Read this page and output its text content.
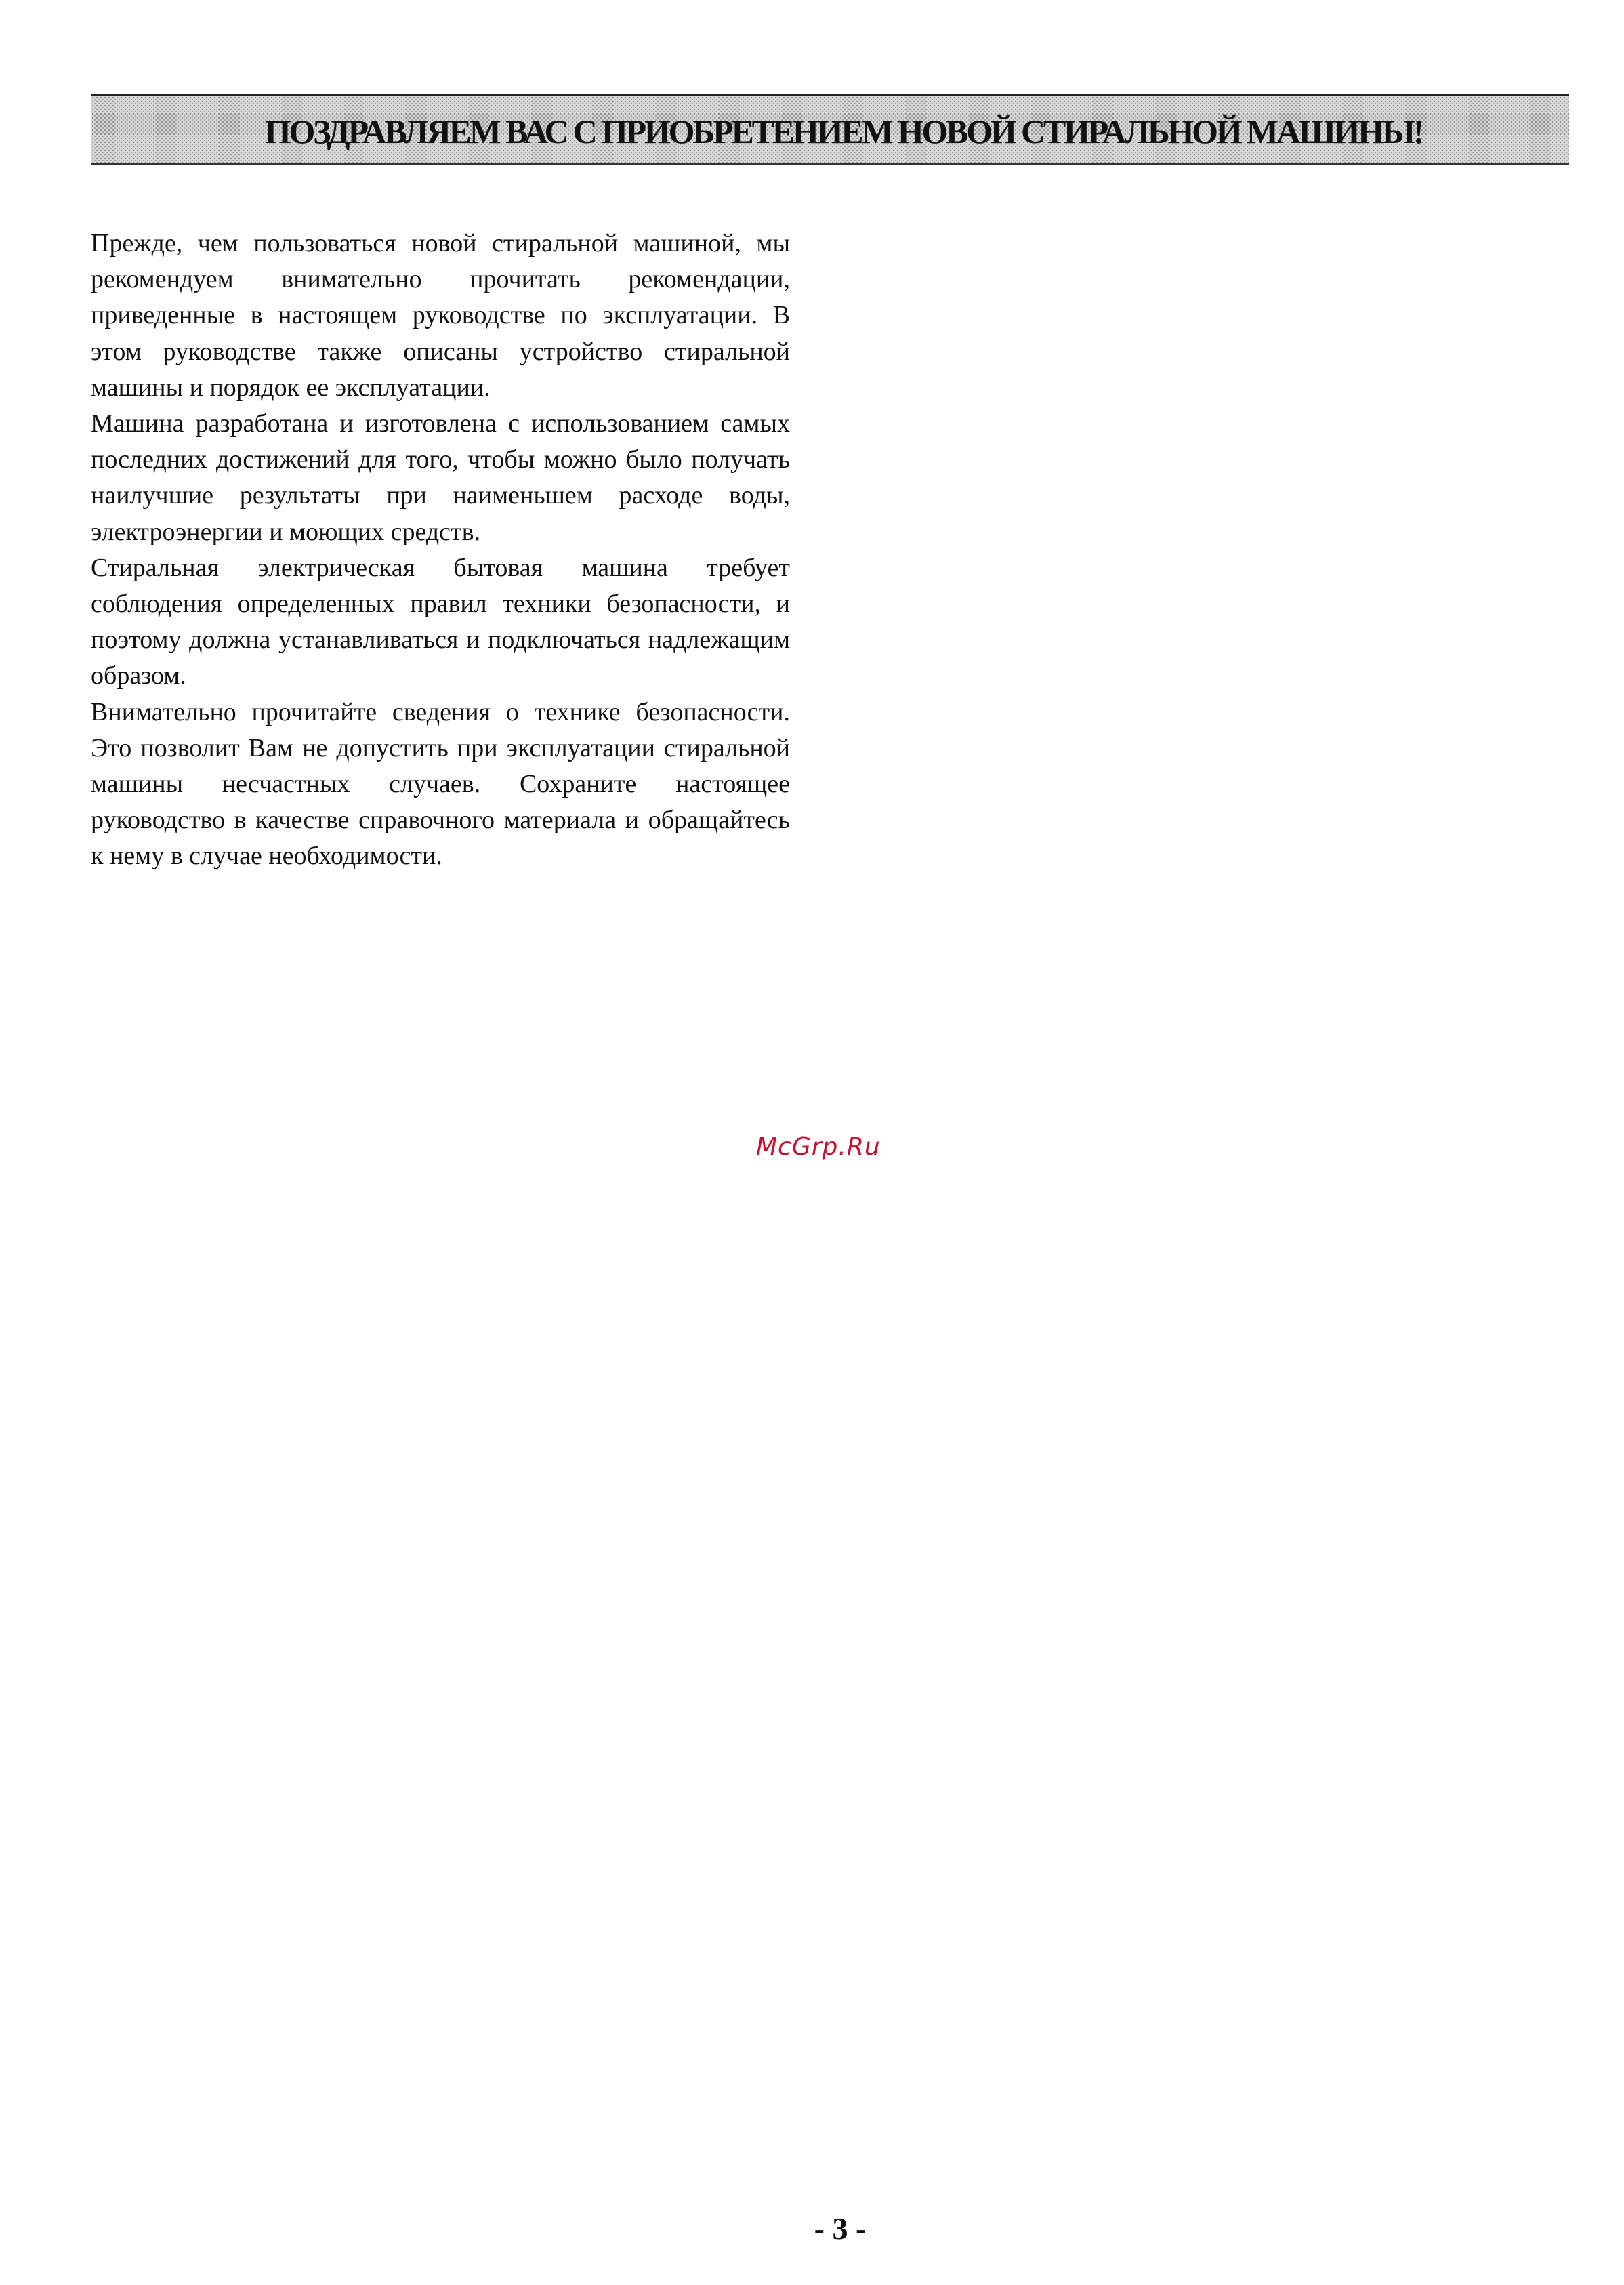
ПОЗДРАВЛЯЕМ ВАС С ПРИОБРЕТЕНИЕМ НОВОЙ СТИРАЛЬНОЙ МАШИНЫ!

Прежде, чем пользоваться новой стиральной машиной, мы рекомендуем внимательно прочитать рекомендации, приведенные в настоящем руководстве по эксплуатации. В этом руководстве также описаны устройство стиральной машины и порядок ее эксплуатации.

Машина разработана и изготовлена с использованием самых последних достижений для того, чтобы можно было получать наилучшие результаты при наименьшем расходе воды, электроэнергии и моющих средств.

Стиральная электрическая бытовая машина требует соблюдения определенных правил техники безопасности, и поэтому должна устанавливаться и подключаться надлежащим образом.

Внимательно прочитайте сведения о технике безопасности. Это позволит Вам не допустить при эксплуатации стиральной машины несчастных случаев. Сохраните настоящее руководство в качестве справочного материала и обращайтесь к нему в случае необходимости.

McGrp.Ru
- 3 -
